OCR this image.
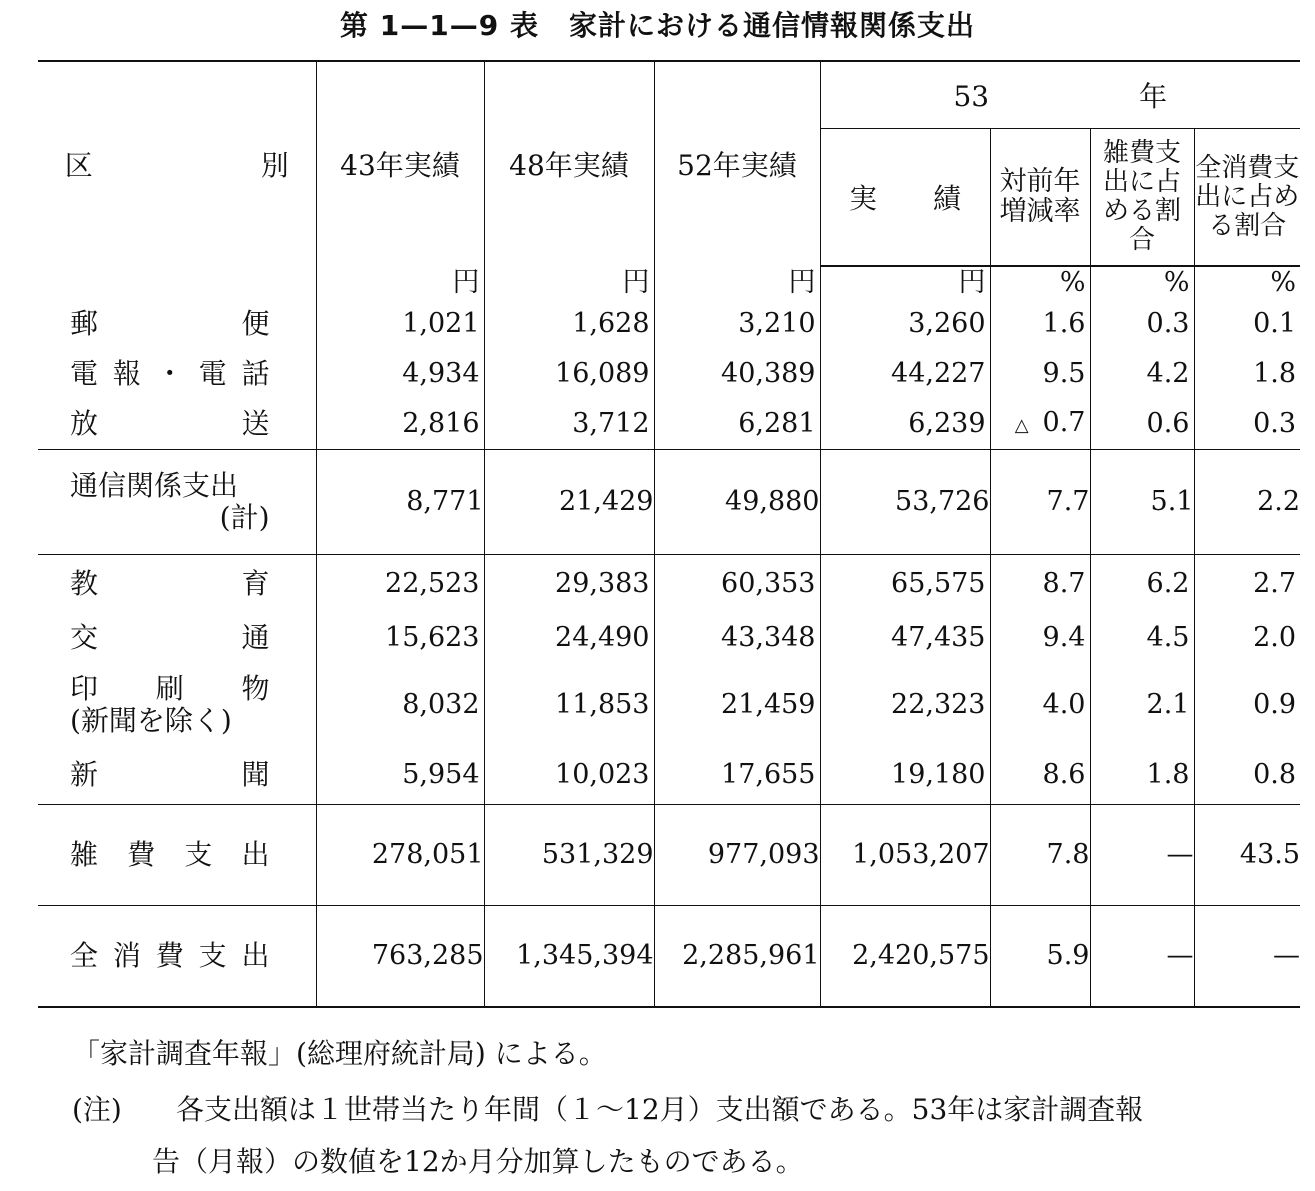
第 1—1—9 表 家計における通信情報関係支出
区　　　　　　別	43年実績	48年実績	52年実績	53 年			
				実　　績	対前年増減率	雑費支出に占める割合	全消費支出に占める割合
	円	円	円	円	%	%	%

郵 便	1,021	1,628	3,210	3,260	1.6	0.3	0.1

電 報 ・ 電 話	4,934	16,089	40,389	44,227	9.5	4.2	1.8

放 送	2,816	3,712	6,281	6,239	△ 0.7	0.6	0.3

通信関係支出
(計)	8,771	21,429	49,880	53,726	7.7	5.1	2.2

教 育	22,523	29,383	60,353	65,575	8.7	6.2	2.7

交 通	15,623	24,490	43,348	47,435	9.4	4.5	2.0

印 刷 物
(新聞を除く)	8,032	11,853	21,459	22,323	4.0	2.1	0.9

新 聞	5,954	10,023	17,655	19,180	8.6	1.8	0.8

雑 費 支 出	278,051	531,329	977,093	1,053,207	7.8	—	43.5

全 消 費 支 出	763,285	1,345,394	2,285,961	2,420,575	5.9	—	—
「家計調査年報」(総理府統計局) による。
(注) 各支出額は１世帯当たり年間（１～12月）支出額である。53年は家計調査報
告（月報）の数値を12か月分加算したものである。
